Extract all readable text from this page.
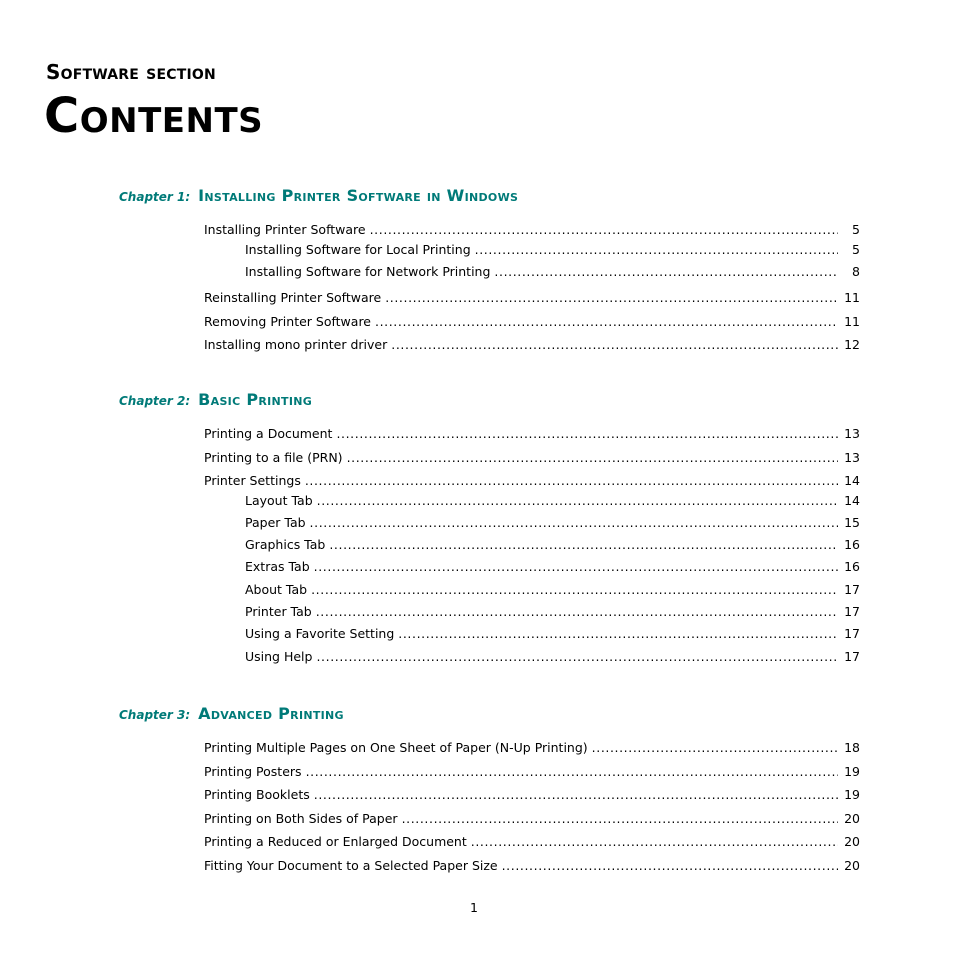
Software section
Contents
Chapter 1: Installing Printer Software in Windows
Installing Printer Software .....	5
Installing Software for Local Printing .....	5
Installing Software for Network Printing .....	8
Reinstalling Printer Software .....	11
Removing Printer Software .....	11
Installing mono printer driver .....	12
Chapter 2: Basic Printing
Printing a Document .....	13
Printing to a file (PRN) .....	13
Printer Settings .....	14
Layout Tab .....	14
Paper Tab .....	15
Graphics Tab .....	16
Extras Tab .....	16
About Tab .....	17
Printer Tab .....	17
Using a Favorite Setting .....	17
Using Help .....	17
Chapter 3: Advanced Printing
Printing Multiple Pages on One Sheet of Paper (N-Up Printing) .....	18
Printing Posters .....	19
Printing Booklets .....	19
Printing on Both Sides of Paper .....	20
Printing a Reduced or Enlarged Document .....	20
Fitting Your Document to a Selected Paper Size .....	20
1
